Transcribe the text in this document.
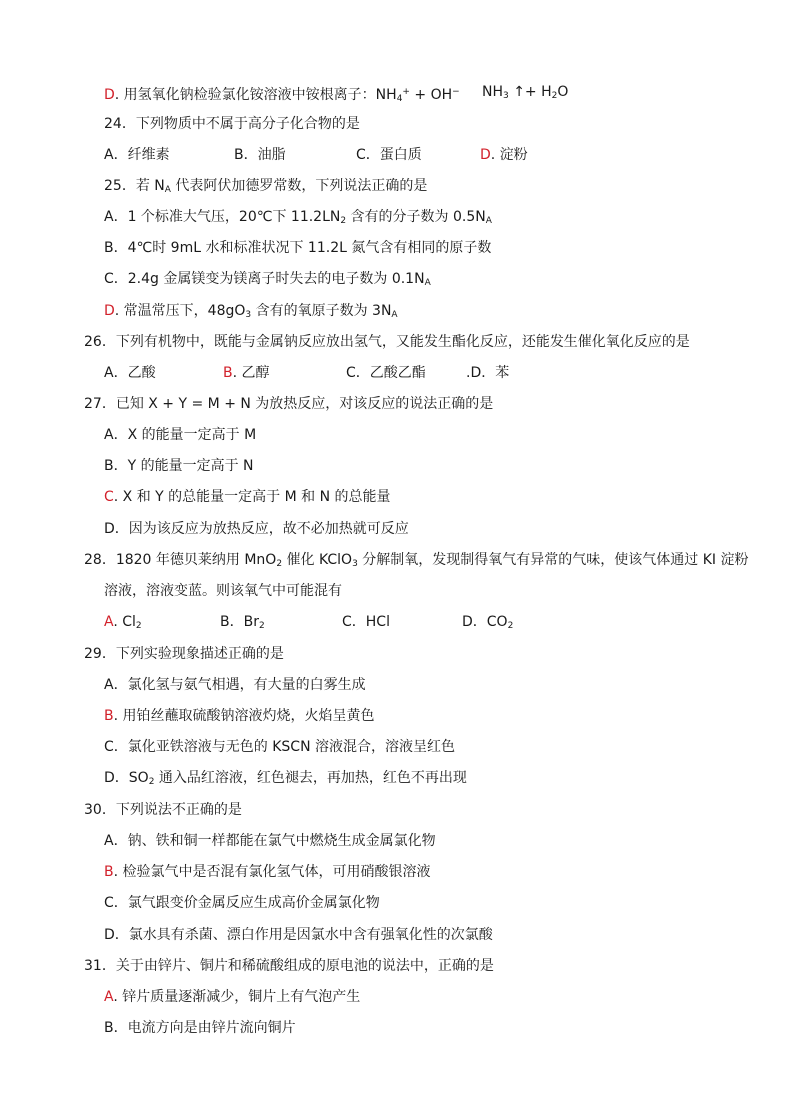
D. 用氢氧化钠检验氯化铵溶液中铵根离子：$NH_4^+ + OH^-$ $NH_3$ ↑+ $H_2O$
24．下列物质中不属于高分子化合物的是
A．纤维素	B．油脂	C．蛋白质	D. 淀粉
25．若 $N_A$ 代表阿伏加德罗常数，下列说法正确的是
A．1 个标准大气压，20℃下 $11.2LN_2$ 含有的分子数为 $0.5N_A$
B．4℃时 9mL 水和标准状况下 11.2L 氮气含有相同的原子数
C．2.4g 金属镁变为镁离子时失去的电子数为 $0.1N_A$
D. 常温常压下，$48gO_3$ 含有的氧原子数为 $3N_A$
26．下列有机物中，既能与金属钠反应放出氢气，又能发生酯化反应，还能发生催化氧化反应的是
A．乙酸	B. 乙醇	C．乙酸乙酯	.D．苯
27．已知 X + Y = M + N 为放热反应，对该反应的说法正确的是
A．X 的能量一定高于 M
B．Y 的能量一定高于 N
C. X 和 Y 的总能量一定高于 M 和 N 的总能量
D．因为该反应为放热反应，故不必加热就可反应
28．1820 年德贝莱纳用 MnO$_2$ 催化 KClO$_3$ 分解制氧，发现制得氧气有异常的气味，使该气体通过 KI 淀粉
溶液，溶液变蓝。则该氧气中可能混有
A. $Cl_2$	B．$Br_2$	C．HCl	D．$CO_2$
29．下列实验现象描述正确的是
A．氯化氢与氨气相遇，有大量的白雾生成
B. 用铂丝蘸取硫酸钠溶液灼烧，火焰呈黄色
C．氯化亚铁溶液与无色的 KSCN 溶液混合，溶液呈红色
D．$SO_2$ 通入品红溶液，红色褪去，再加热，红色不再出现
30．下列说法不正确的是
A．钠、铁和铜一样都能在氯气中燃烧生成金属氯化物
B. 检验氯气中是否混有氯化氢气体，可用硝酸银溶液
C．氯气跟变价金属反应生成高价金属氯化物
D．氯水具有杀菌、漂白作用是因氯水中含有强氧化性的次氯酸
31．关于由锌片、铜片和稀硫酸组成的原电池的说法中，正确的是
A. 锌片质量逐渐减少，铜片上有气泡产生
B．电流方向是由锌片流向铜片
